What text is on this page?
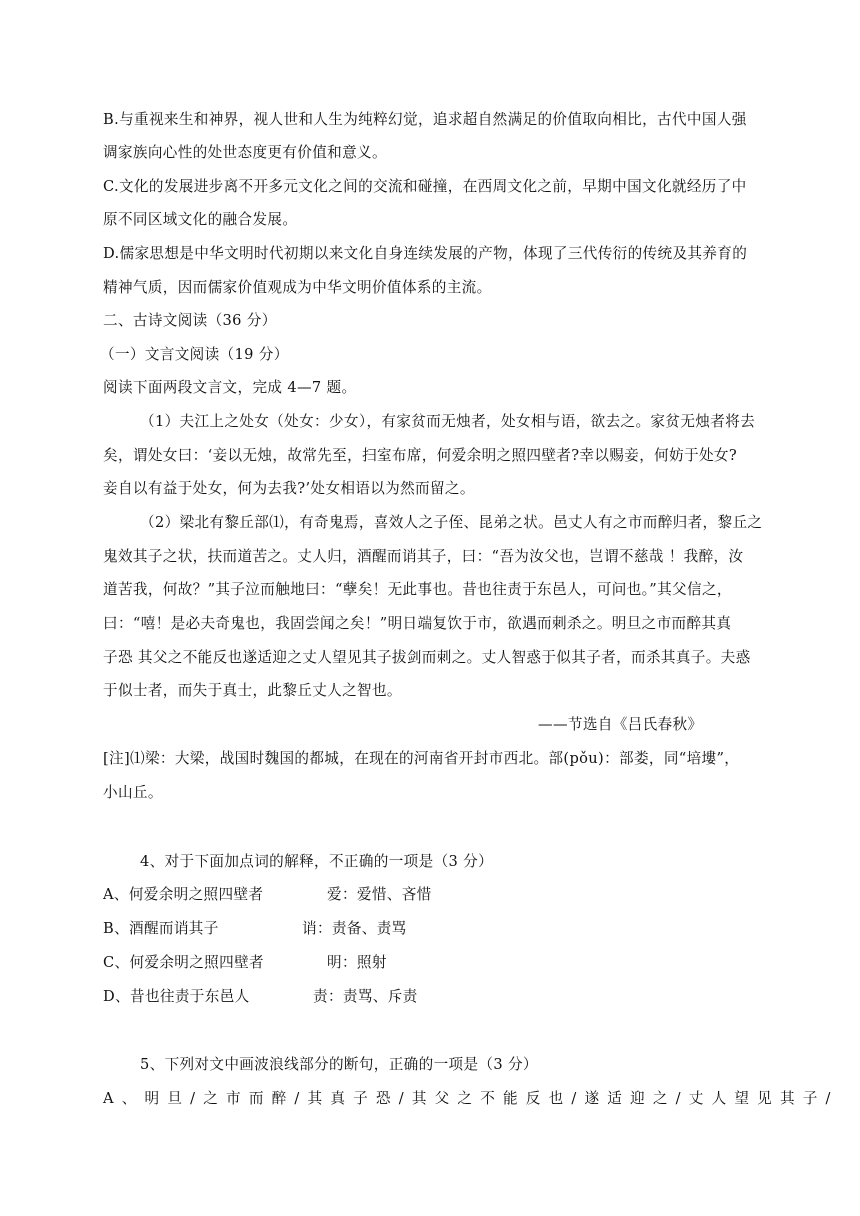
B.与重视来生和神界，视人世和人生为纯粹幻觉，追求超自然满足的价值取向相比，古代中国人强
调家族向心性的处世态度更有价值和意义。
C.文化的发展进步离不开多元文化之间的交流和碰撞，在西周文化之前，早期中国文化就经历了中
原不同区域文化的融合发展。
D.儒家思想是中华文明时代初期以来文化自身连续发展的产物，体现了三代传衍的传统及其养育的
精神气质，因而儒家价值观成为中华文明价值体系的主流。
二、古诗文阅读（36 分）
（一）文言文阅读（19 分）
阅读下面两段文言文，完成 4—7 题。
（1）夫江上之处女（处女：少女），有家贫而无烛者，处女相与语，欲去之。家贫无烛者将去
矣，谓处女曰：‘妾以无烛，故常先至，扫室布席，何爱余明之照四壁者?幸以赐妾，何妨于处女?
妾自以有益于处女，何为去我?’处女相语以为然而留之。
（2）梁北有黎丘部⑴，有奇鬼焉，喜效人之子侄、昆弟之状。邑丈人有之市而醉归者，黎丘之
鬼效其子之状，扶而道苦之。丈人归，酒醒而诮其子，曰：“吾为汝父也，岂谓不慈哉 ！我醉，汝
道苦我，何故？”其子泣而触地曰：“孽矣！无此事也。昔也往责于东邑人，可问也。”其父信之，
曰：“嘻！是必夫奇鬼也，我固尝闻之矣！”明日端复饮于市，欲遇而刺杀之。明旦之市而醉其真
子恐 其父之不能反也遂适迎之丈人望见其子拔剑而刺之。丈人智惑于似其子者，而杀其真子。夫惑
于似士者，而失于真士，此黎丘丈人之智也。
——节选自《吕氏春秋》
[注]⑴梁：大梁，战国时魏国的都城，在现在的河南省开封市西北。部(pǒu)：部娄，同“培塿”，
小山丘。
4、对于下面加点词的解释，不正确的一项是（3 分）
A、何爱余明之照四壁者	爱：爱惜、吝惜
B、酒醒而诮其子	诮：责备、责骂
C、何爱余明之照四壁者	明：照射
D、昔也往责于东邑人	责：责骂、斥责
5、下列对文中画波浪线部分的断句，正确的一项是（3 分）
A、明旦/之市而醉/其真子恐/其父之不能反也/遂适迎之/丈人望见其子/
